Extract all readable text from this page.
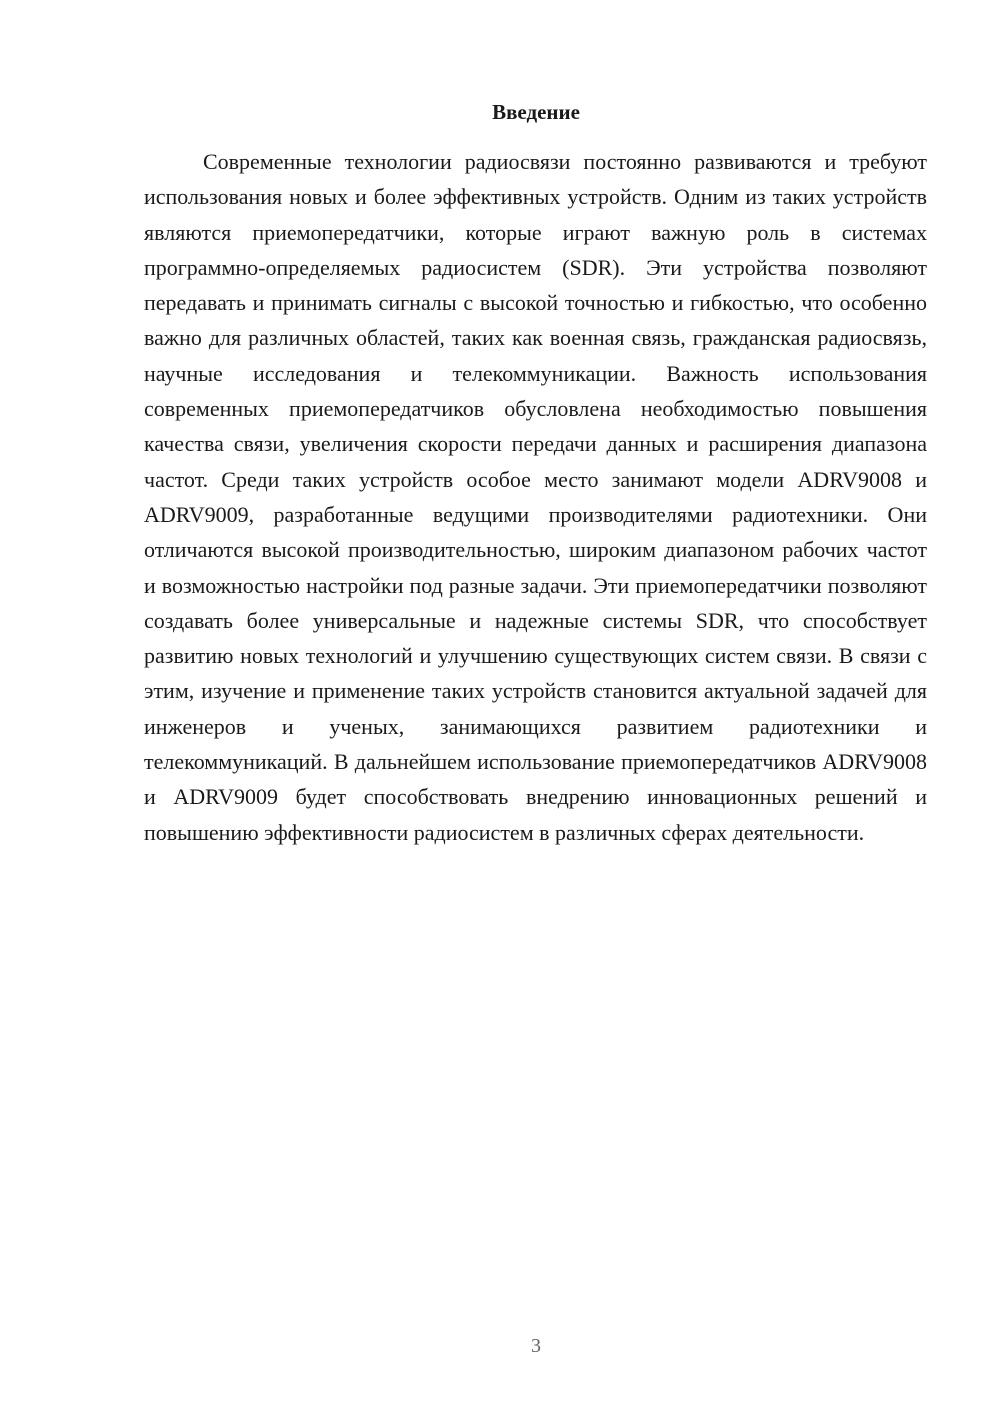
Введение

Современные технологии радиосвязи постоянно развиваются и требуют использования новых и более эффективных устройств. Одним из таких устройств являются приемопередатчики, которые играют важную роль в системах программно-определяемых радиосистем (SDR). Эти устройства позволяют передавать и принимать сигналы с высокой точностью и гибкостью, что особенно важно для различных областей, таких как военная связь, гражданская радиосвязь, научные исследования и телекоммуникации. Важность использования современных приемопередатчиков обусловлена необходимостью повышения качества связи, увеличения скорости передачи данных и расширения диапазона частот. Среди таких устройств особое место занимают модели ADRV9008 и ADRV9009, разработанные ведущими производителями радиотехники. Они отличаются высокой производительностью, широким диапазоном рабочих частот и возможностью настройки под разные задачи. Эти приемопередатчики позволяют создавать более универсальные и надежные системы SDR, что способствует развитию новых технологий и улучшению существующих систем связи. В связи с этим, изучение и применение таких устройств становится актуальной задачей для инженеров и ученых, занимающихся развитием радиотехники и телекоммуникаций. В дальнейшем использование приемопередатчиков ADRV9008 и ADRV9009 будет способствовать внедрению инновационных решений и повышению эффективности радиосистем в различных сферах деятельности.

3
